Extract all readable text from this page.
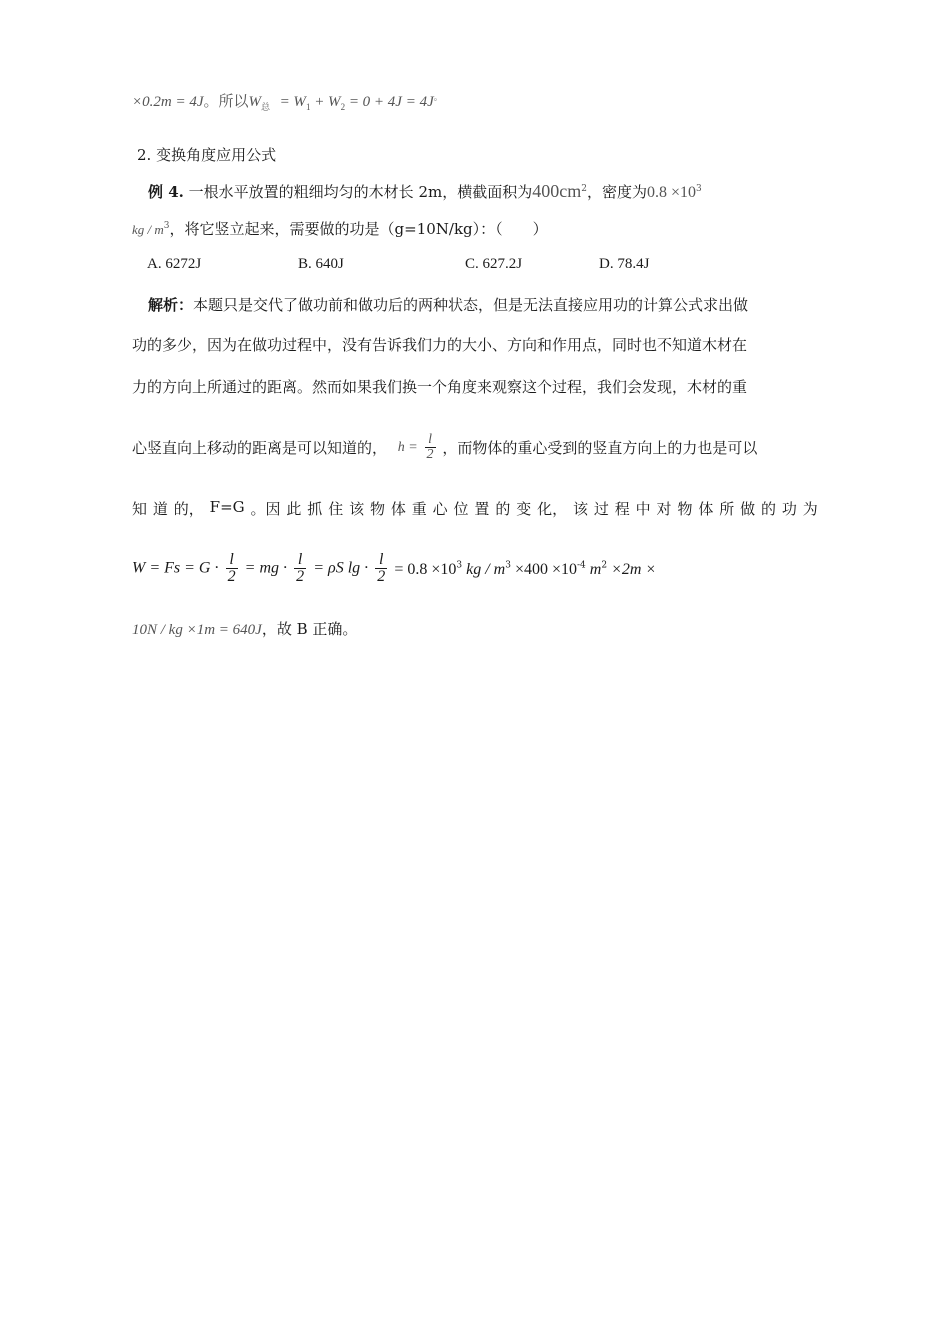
×0.2m = 4J。所以$W_总 = W_1 + W_2 = 0 + 4J = 4J^。$
2. 变换角度应用公式
例 4. 一根水平放置的粗细均匀的木材长 2m，横截面积为$400cm^2$，密度为$0.8 \times 10^3$
kg / $m^3$，将它竖立起来，需要做的功是（g=10N/kg）：（　　）
A. 6272J	B. 640J	C. 627.2J	D. 78.4J
解析：本题只是交代了做功前和做功后的两种状态，但是无法直接应用功的计算公式求出做
功的多少，因为在做功过程中，没有告诉我们力的大小、方向和作用点，同时也不知道木材在
力的方向上所通过的距离。然而如果我们换一个角度来观察这个过程，我们会发现，木材的重
心竖直向上移动的距离是可以知道的， $h = \frac{l}{2}$ ，而物体的重心受到的竖直方向上的力也是可以
知 道 的， F=G 。因 此 抓 住 该 物 体 重 心 位 置 的 变 化， 该 过 程 中 对 物 体 所 做 的 功 为
$W = Fs = G \cdot \frac{l}{2}$ = mg · $\frac{l}{2} = \rho S$ $\lg \cdot \frac{l}{2} = 0.8 \times 10^3$ kg / $m^3 \times 400 \times 10^{-4}$ $m^2 \times 2m$ ×
10N / kg ×1m = 640J，故 B 正确。
